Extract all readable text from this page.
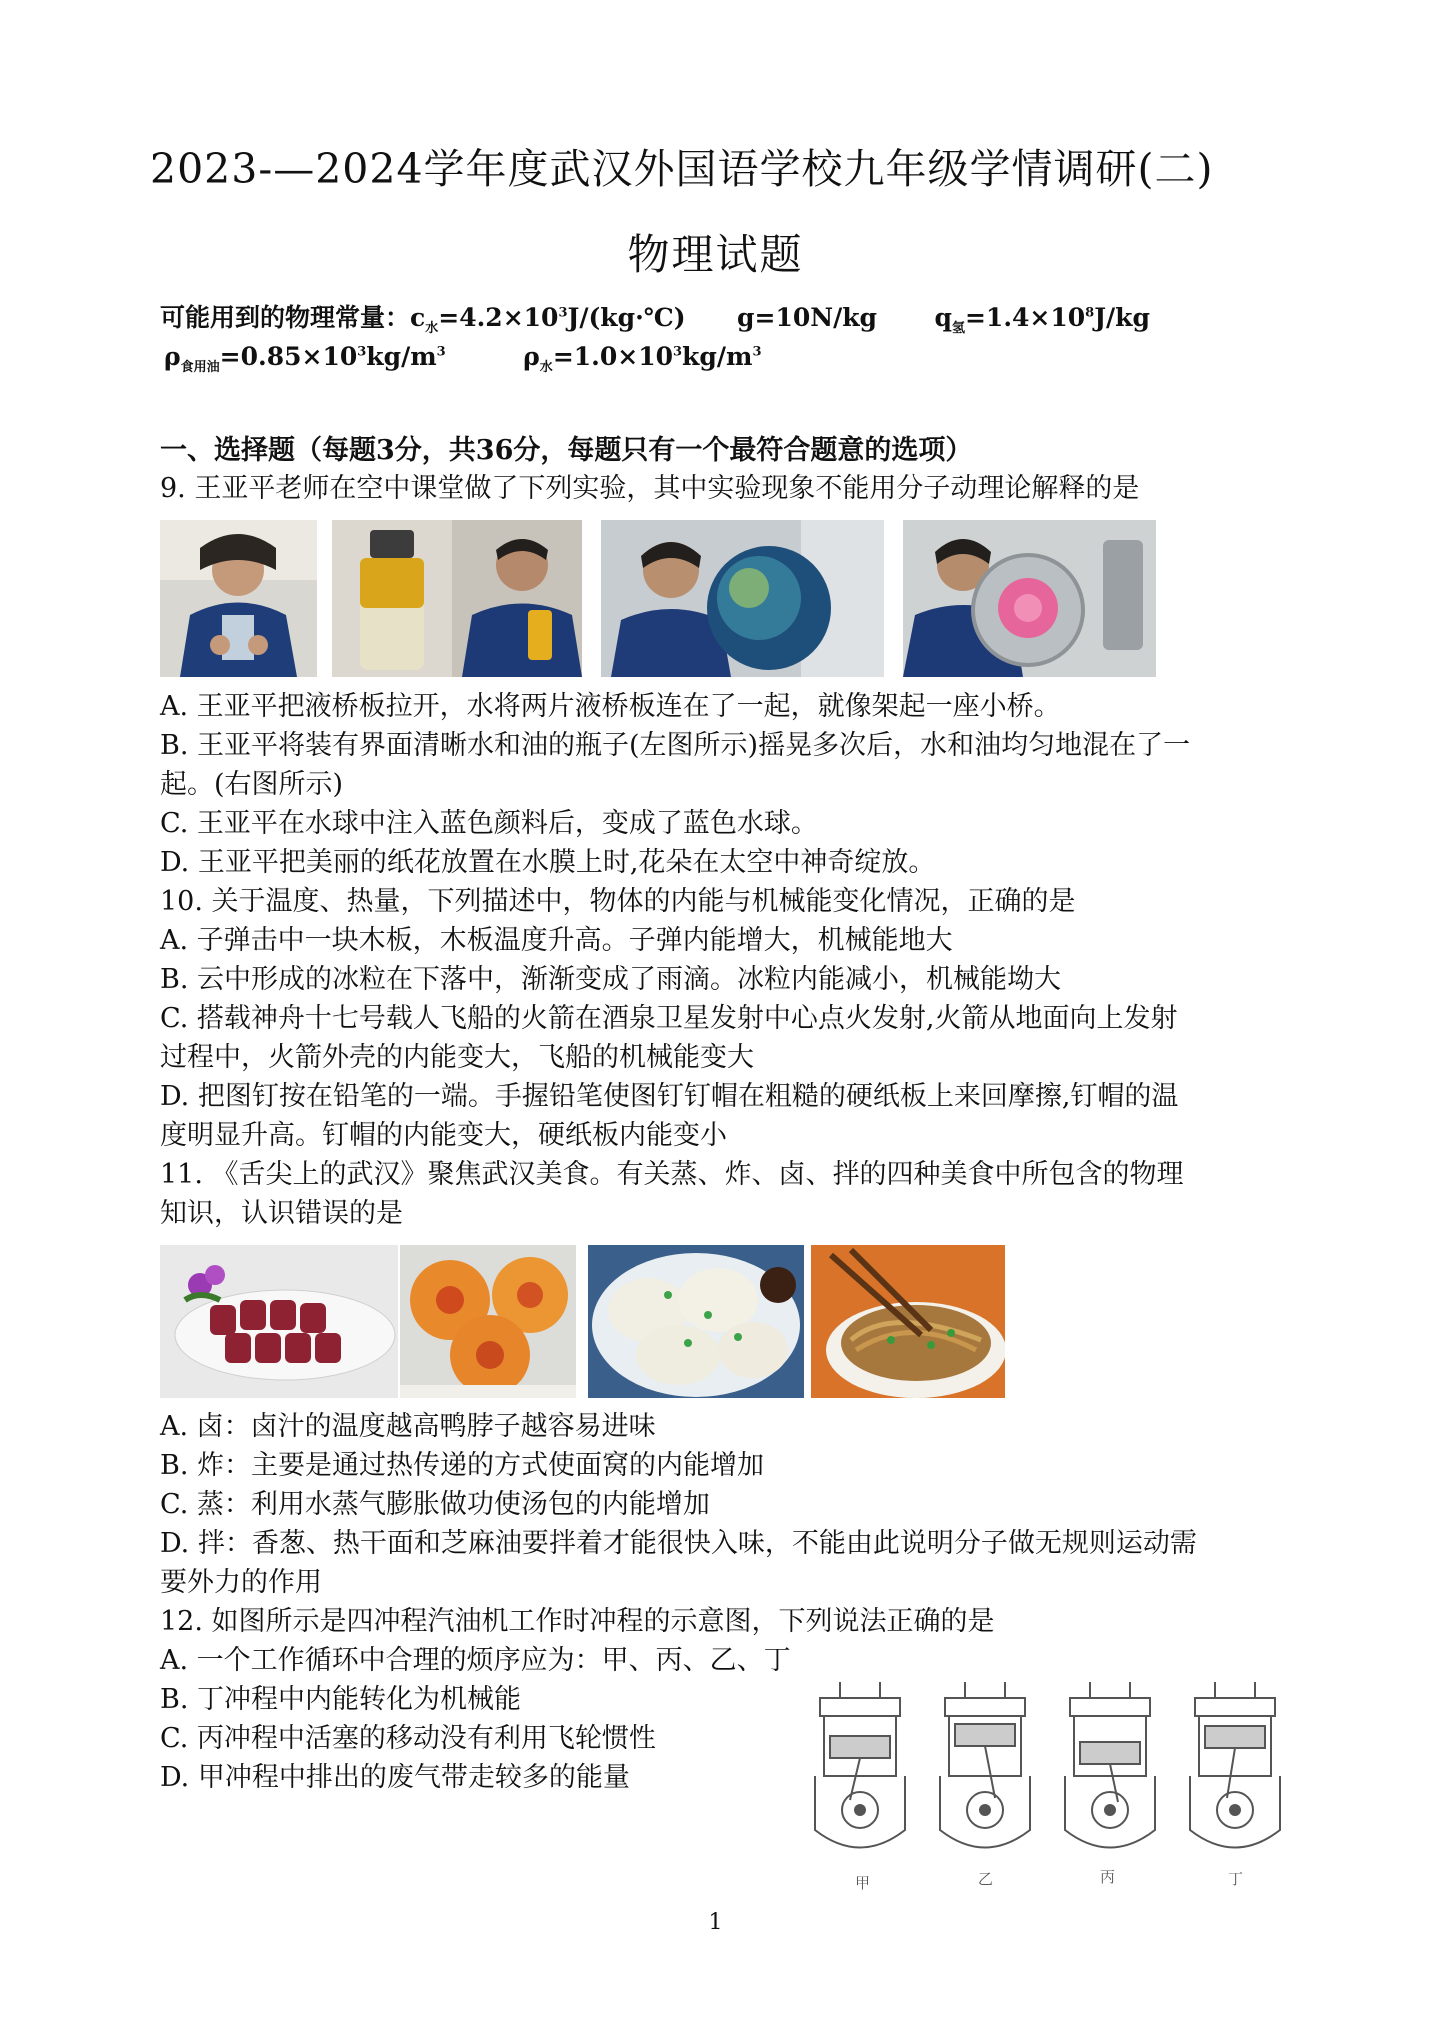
2023-—2024学年度武汉外国语学校九年级学情调研(二)
物理试题
可能用到的物理常量：$c_水=4.2\times 10^3J/(kg\cdot℃)$ g=10N/kg $q_氢=1.4\times 10^8J/kg$
$\rho_{食用油}=0.85\times 10^3kg/m^3$	$\rho_水=1.0\times 10^3kg/m^3$
一、选择题（每题3分，共36分，每题只有一个最符合题意的选项）
9. 王亚平老师在空中课堂做了下列实验，其中实验现象不能用分子动理论解释的是
A. 王亚平把液桥板拉开，水将两片液桥板连在了一起，就像架起一座小桥。
B. 王亚平将装有界面清晰水和油的瓶子(左图所示)摇晃多次后，水和油均匀地混在了一
起。(右图所示)
C. 王亚平在水球中注入蓝色颜料后，变成了蓝色水球。
D. 王亚平把美丽的纸花放置在水膜上时,花朵在太空中神奇绽放。
10. 关于温度、热量，下列描述中，物体的内能与机械能变化情况，正确的是
A. 子弹击中一块木板，木板温度升高。子弹内能增大，机械能地大
B. 云中形成的冰粒在下落中，渐渐变成了雨滴。冰粒内能减小，机械能坳大
C. 搭载神舟十七号载人飞船的火箭在酒泉卫星发射中心点火发射,火箭从地面向上发射
过程中，火箭外壳的内能变大，飞船的机械能变大
D. 把图钉按在铅笔的一端。手握铅笔使图钉钉帽在粗糙的硬纸板上来回摩擦,钉帽的温
度明显升高。钉帽的内能变大，硬纸板内能变小
11. 《舌尖上的武汉》聚焦武汉美食。有关蒸、炸、卤、拌的四种美食中所包含的物理
知识，认识错误的是
A. 卤：卤汁的温度越高鸭脖子越容易进味
B. 炸：主要是通过热传递的方式使面窝的内能增加
C. 蒸：利用水蒸气膨胀做功使汤包的内能增加
D. 拌：香葱、热干面和芝麻油要拌着才能很快入味，不能由此说明分子做无规则运动需
要外力的作用
12. 如图所示是四冲程汽油机工作时冲程的示意图，下列说法正确的是
A. 一个工作循环中合理的烦序应为：甲、丙、乙、丁
B. 丁冲程中内能转化为机械能
C. 丙冲程中活塞的移动没有利用飞轮惯性
D. 甲冲程中排出的废气带走较多的能量
甲	乙	丙	丁
1
